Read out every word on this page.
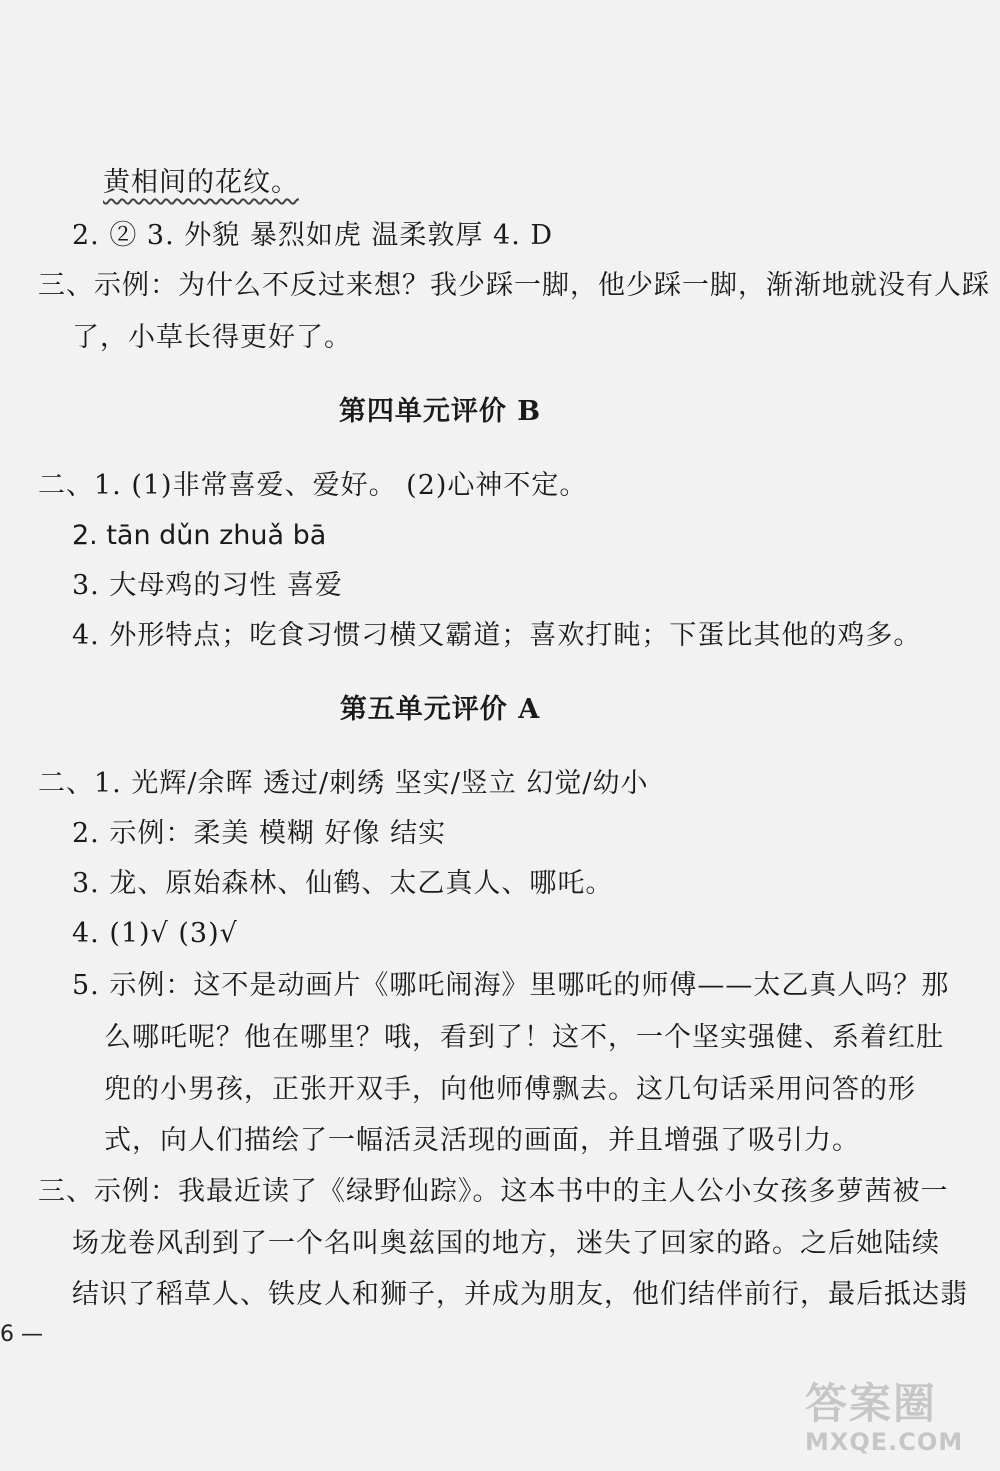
黄相间的花纹。
2. ② 3. 外貌 暴烈如虎 温柔敦厚 4. D
三、示例：为什么不反过来想？我少踩一脚，他少踩一脚，渐渐地就没有人踩
了，小草长得更好了。
第四单元评价 B
二、1. (1)非常喜爱、爱好。 (2)心神不定。
2. tān dǔn zhuǎ bā
3. 大母鸡的习性 喜爱
4. 外形特点；吃食习惯刁横又霸道；喜欢打盹；下蛋比其他的鸡多。
第五单元评价 A
二、1. 光辉/余晖 透过/刺绣 坚实/竖立 幻觉/幼小
2. 示例：柔美 模糊 好像 结实
3. 龙、原始森林、仙鹤、太乙真人、哪吒。
4. (1)√ (3)√
5. 示例：这不是动画片《哪吒闹海》里哪吒的师傅——太乙真人吗？那
么哪吒呢？他在哪里？哦，看到了！这不，一个坚实强健、系着红肚
兜的小男孩，正张开双手，向他师傅飘去。这几句话采用问答的形
式，向人们描绘了一幅活灵活现的画面，并且增强了吸引力。
三、示例：我最近读了《绿野仙踪》。这本书中的主人公小女孩多萝茜被一
场龙卷风刮到了一个名叫奥兹国的地方，迷失了回家的路。之后她陆续
结识了稻草人、铁皮人和狮子，并成为朋友，他们结伴前行，最后抵达翡
6 —
答案圈
MXQE.COM
